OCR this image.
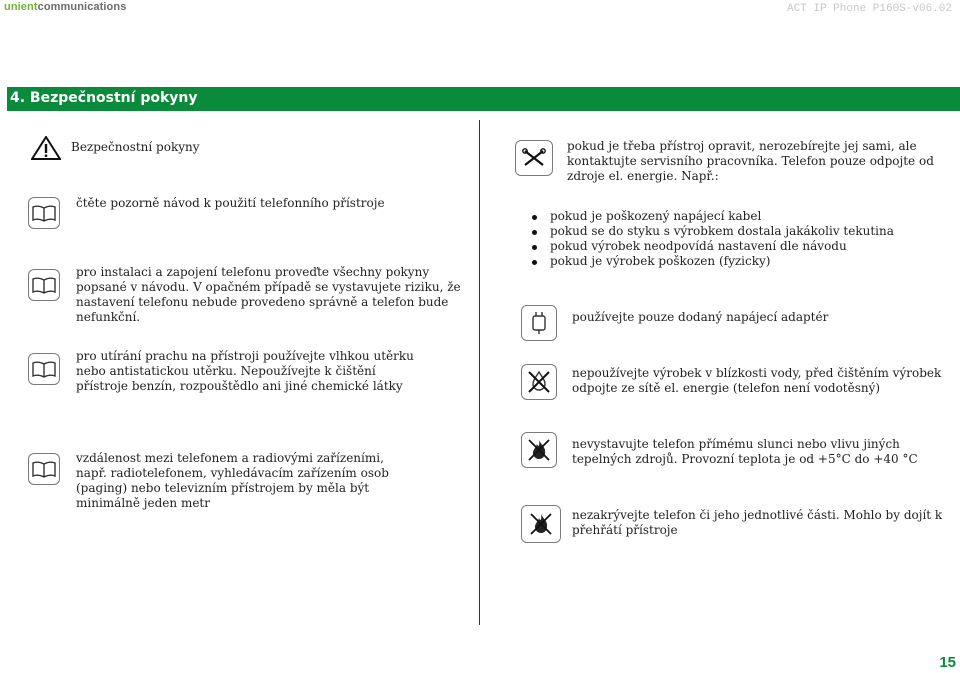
unientcommunications	ACT IP Phone P160S-v06.02
4. Bezpečnostní pokyny
Bezpečnostní pokyny
čtěte pozorně návod k použití telefonního přístroje
pro instalaci a zapojení telefonu proveďte všechny pokyny popsané v návodu. V opačném případě se vystavujete riziku, že nastavení telefonu nebude provedeno správně a telefon bude nefunkční.
pro utírání prachu na přístroji používejte vlhkou utěrku nebo antistatickou utěrku. Nepoužívejte k čištění přístroje benzín, rozpouštědlo ani jiné chemické látky
vzdálenost mezi telefonem a radiovými zařízeními, např. radiotelefonem, vyhledávacím zařízením osob (paging) nebo televizním přístrojem by měla být minimálně jeden metr
pokud je třeba přístroj opravit, nerozebírejte jej sami, ale kontaktujte servisního pracovníka. Telefon pouze odpojte od zdroje el. energie. Např.:
pokud je poškozený napájecí kabel
pokud se do styku s výrobkem dostala jakákoliv tekutina
pokud výrobek neodpovídá nastavení dle návodu
pokud je výrobek poškozen (fyzicky)
používejte pouze dodaný napájecí adaptér
nepoužívejte výrobek v blízkosti vody, před čištěním výrobek odpojte ze sítě el. energie (telefon není vodotěsný)
nevystavujte telefon přímému slunci nebo vlivu jiných tepelných zdrojů. Provozní teplota je od +5°C do +40 °C
nezakrývejte telefon či jeho jednotlivé části. Mohlo by dojít k přehřátí přístroje
15
